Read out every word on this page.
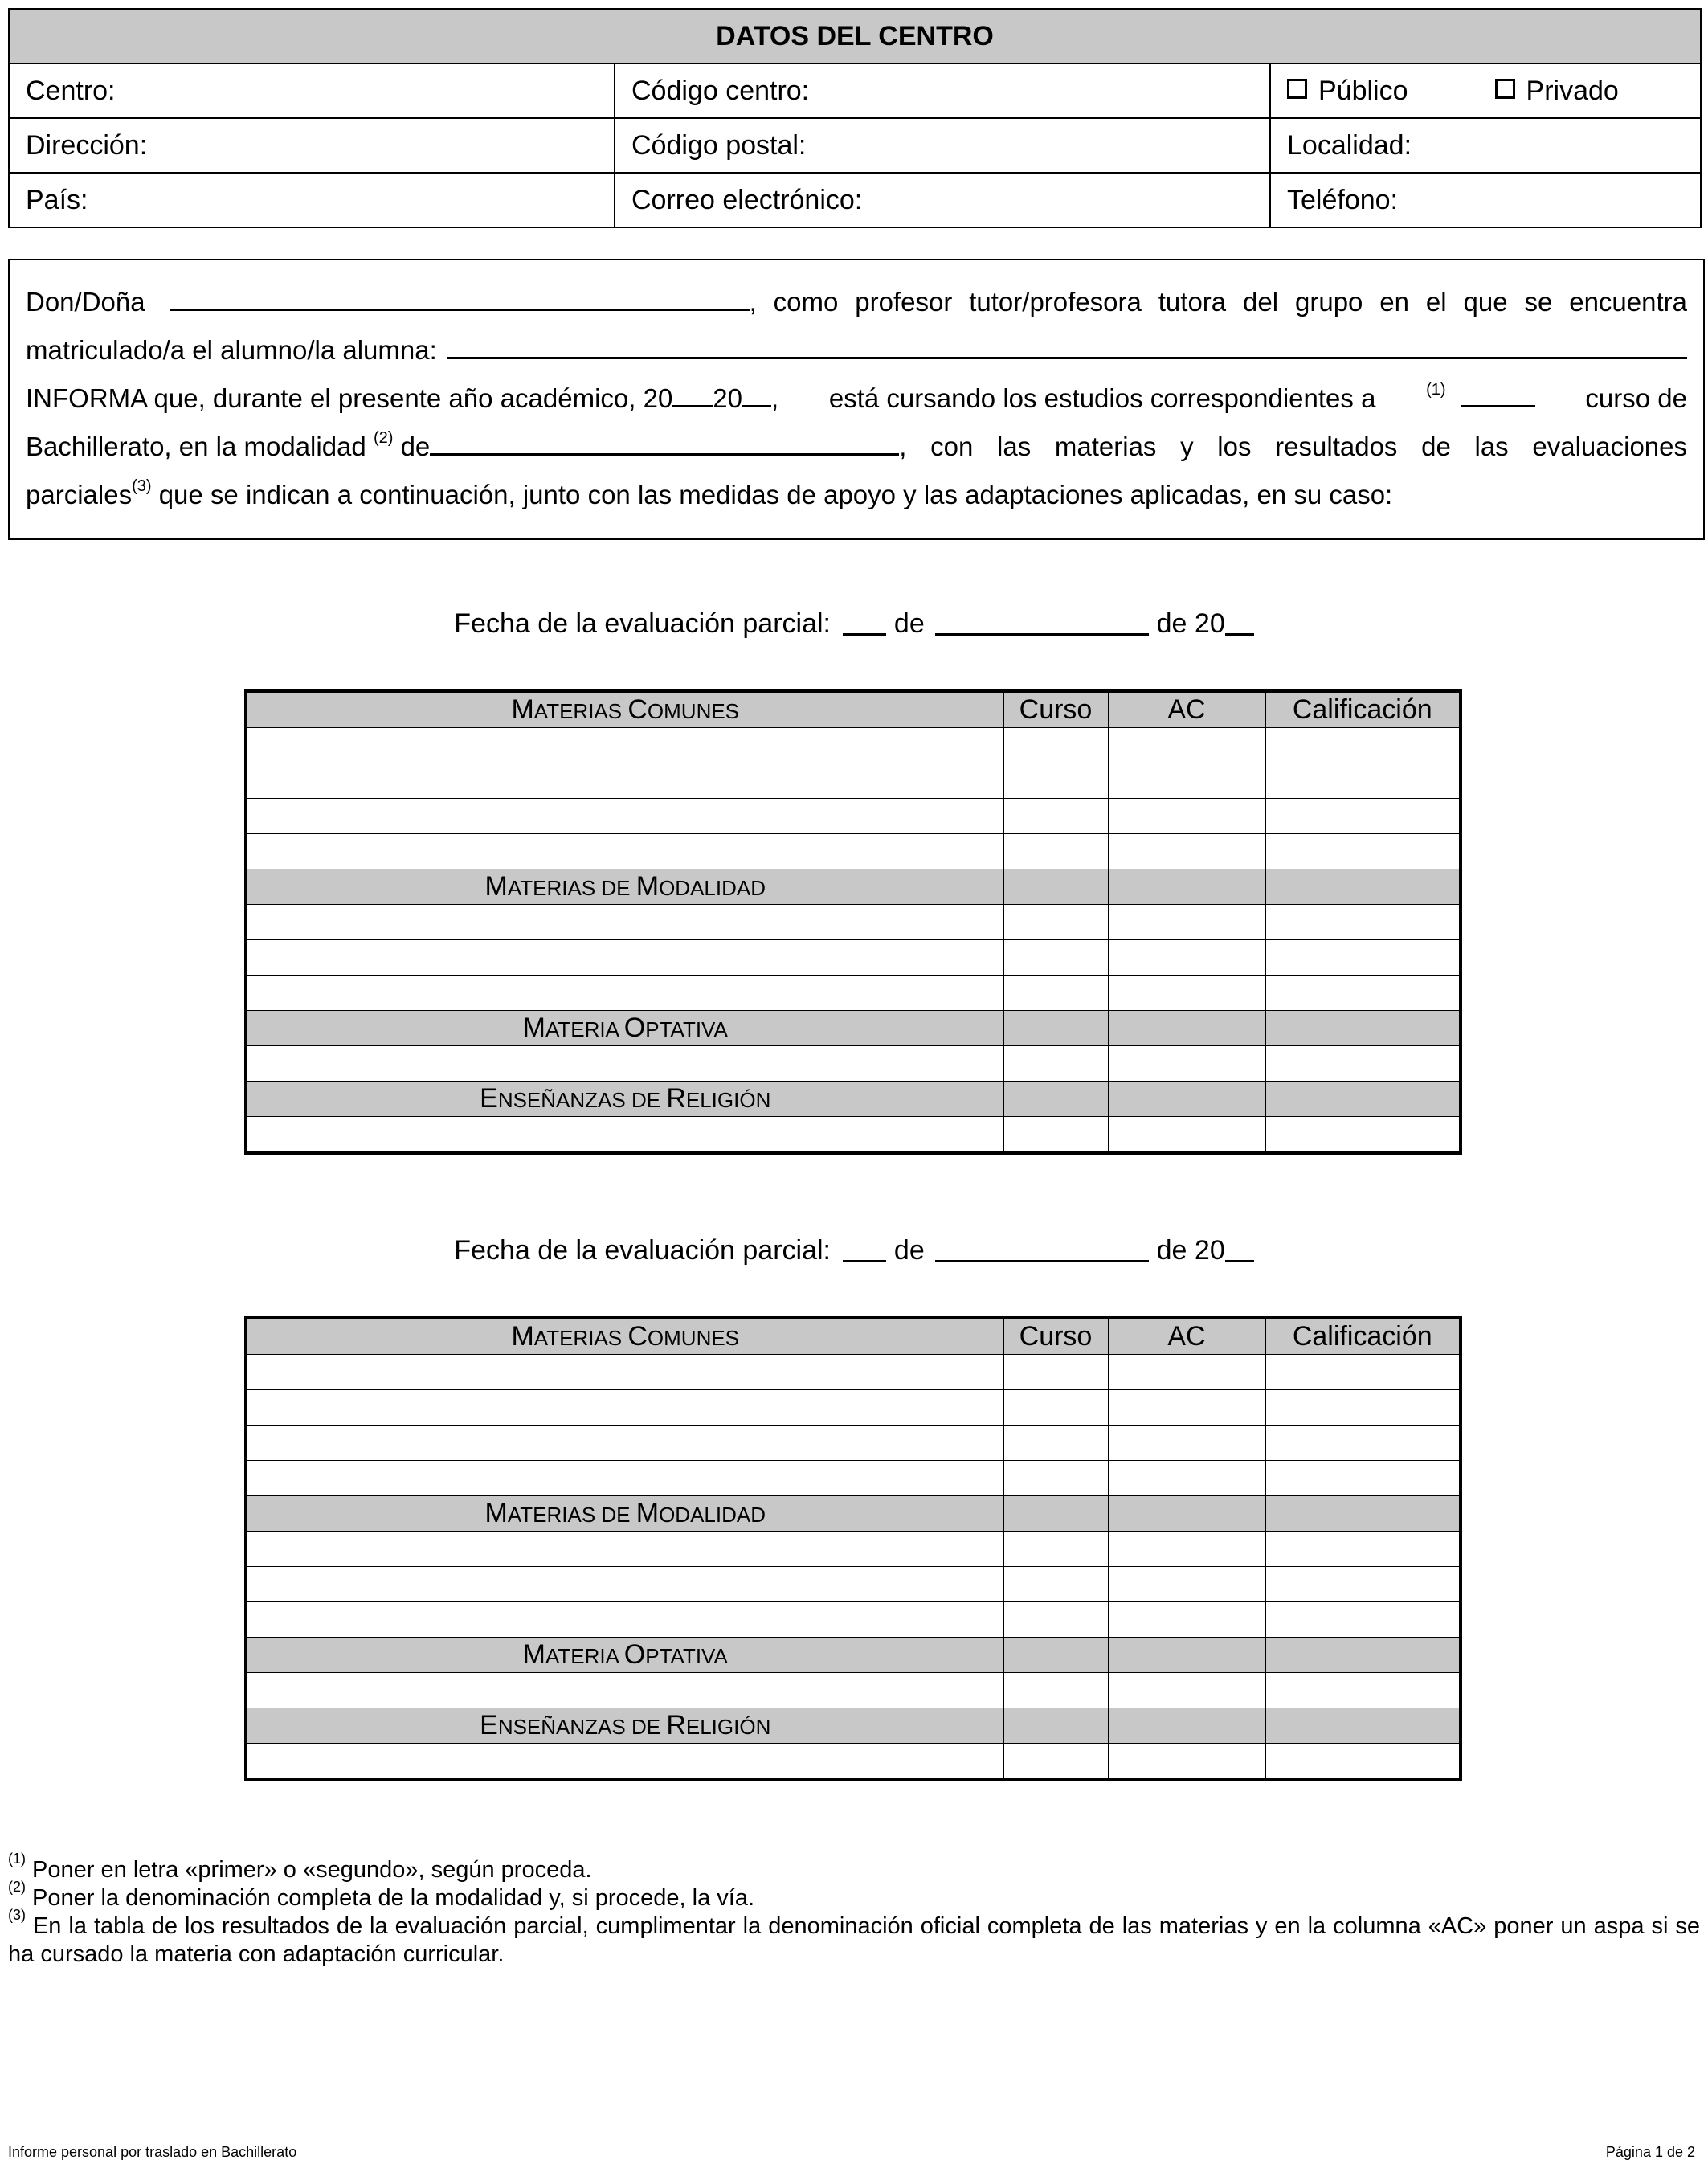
DATOS DEL CENTRO		
Centro:	Código centro:	Público Privado
Dirección:	Código postal:	Localidad:
País:	Correo electrónico:	Teléfono:
Don/Doña	, como profesor tutor/profesora tutora del grupo en el que se encuentra
matriculado/a el alumno/la alumna:
INFORMA que, durante el presente año académico, 20 20 , está cursando los estudios correspondientes a	$^{(1)}$	curso de
Bachillerato, en la modalidad $^{(2)}$ de	, con las materias y los resultados de las evaluaciones
parciales$^{(3)}$ que se indican a continuación, junto con las medidas de apoyo y las adaptaciones aplicadas, en su caso:
Fecha de la evaluación parcial: de	de 20
MATERIAS COMUNES	Curso	AC	Calificación

MATERIAS DE MODALIDAD			

MATERIA OPTATIVA			

ENSEÑANZAS DE RELIGIÓN			

Fecha de la evaluación parcial: de	de 20
MATERIAS COMUNES	Curso	AC	Calificación

MATERIAS DE MODALIDAD			

MATERIA OPTATIVA			

ENSEÑANZAS DE RELIGIÓN			

$^{(1)}$ Poner en letra «primer» o «segundo», según proceda.

$^{(2)}$ Poner la denominación completa de la modalidad y, si procede, la vía.

$^{(3)}$ En la tabla de los resultados de la evaluación parcial, cumplimentar la denominación oficial completa de las materias y en la columna «AC» poner un aspa si se ha cursado la materia con adaptación curricular.

Informe personal por traslado en Bachillerato	Página 1 de 2
